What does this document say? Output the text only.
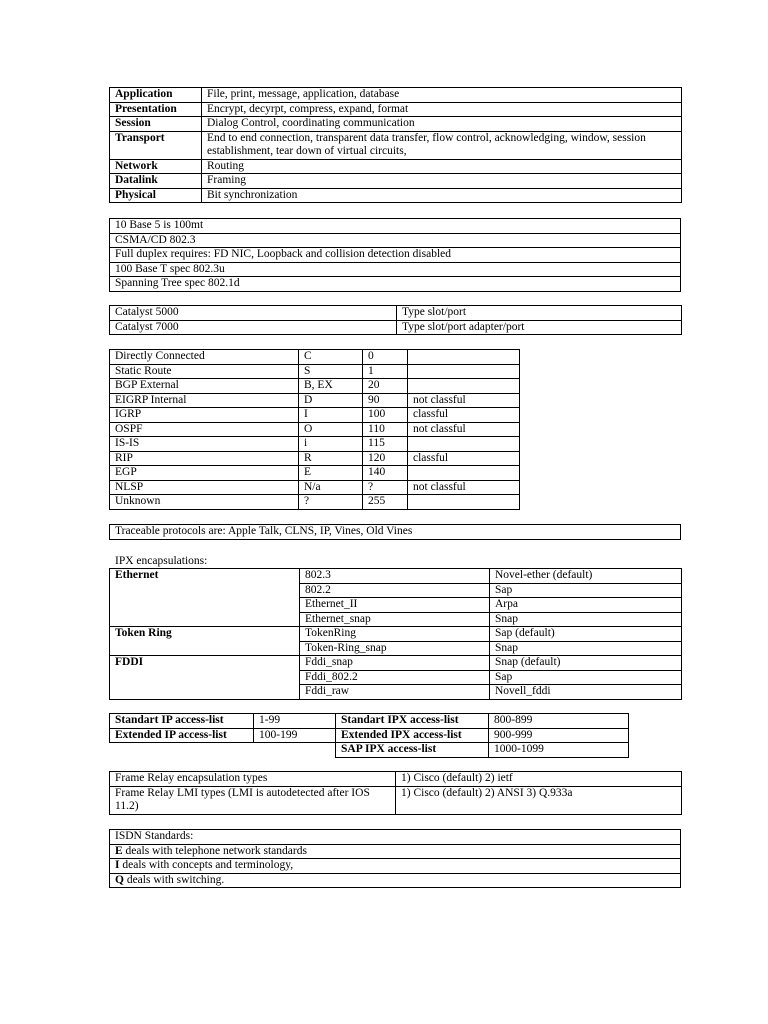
Application	File, print, message, application, database
Presentation	Encrypt, decyrpt, compress, expand, format
Session	Dialog Control, coordinating communication
Transport	End to end connection, transparent data transfer, flow control, acknowledging, window, session establishment, tear down of virtual circuits,
Network	Routing
Datalink	Framing
Physical	Bit synchronization
10 Base 5 is 100mt
CSMA/CD 802.3
Full duplex requires: FD NIC, Loopback and collision detection disabled
100 Base T spec 802.3u
Spanning Tree spec 802.1d
Catalyst 5000	Type slot/port
Catalyst 7000	Type slot/port adapter/port
Directly Connected	C	0	
Static Route	S	1	
BGP External	B, EX	20	
EIGRP Internal	D	90	not classful
IGRP	I	100	classful
OSPF	O	110	not classful
IS-IS	i	115	
RIP	R	120	classful
EGP	E	140	
NLSP	N/a	?	not classful
Unknown	?	255	
Traceable protocols are: Apple Talk, CLNS, IP, Vines, Old Vines
IPX encapsulations:
Ethernet	802.3	Novel-ether (default)
	802.2	Sap
	Ethernet_II	Arpa
	Ethernet_snap	Snap
Token Ring	TokenRing	Sap (default)
	Token-Ring_snap	Snap
FDDI	Fddi_snap	Snap (default)
	Fddi_802.2	Sap
	Fddi_raw	Novell_fddi
Standart IP access-list	1-99	Standart IPX access-list	800-899
Extended IP access-list	100-199	Extended IPX access-list	900-999
		SAP IPX access-list	1000-1099
Frame Relay encapsulation types	1) Cisco (default) 2) ietf
Frame Relay LMI types (LMI is autodetected after IOS 11.2)	1) Cisco (default) 2) ANSI 3) Q.933a
ISDN Standards:
E deals with telephone network standards
I deals with concepts and terminology,
Q deals with switching.
